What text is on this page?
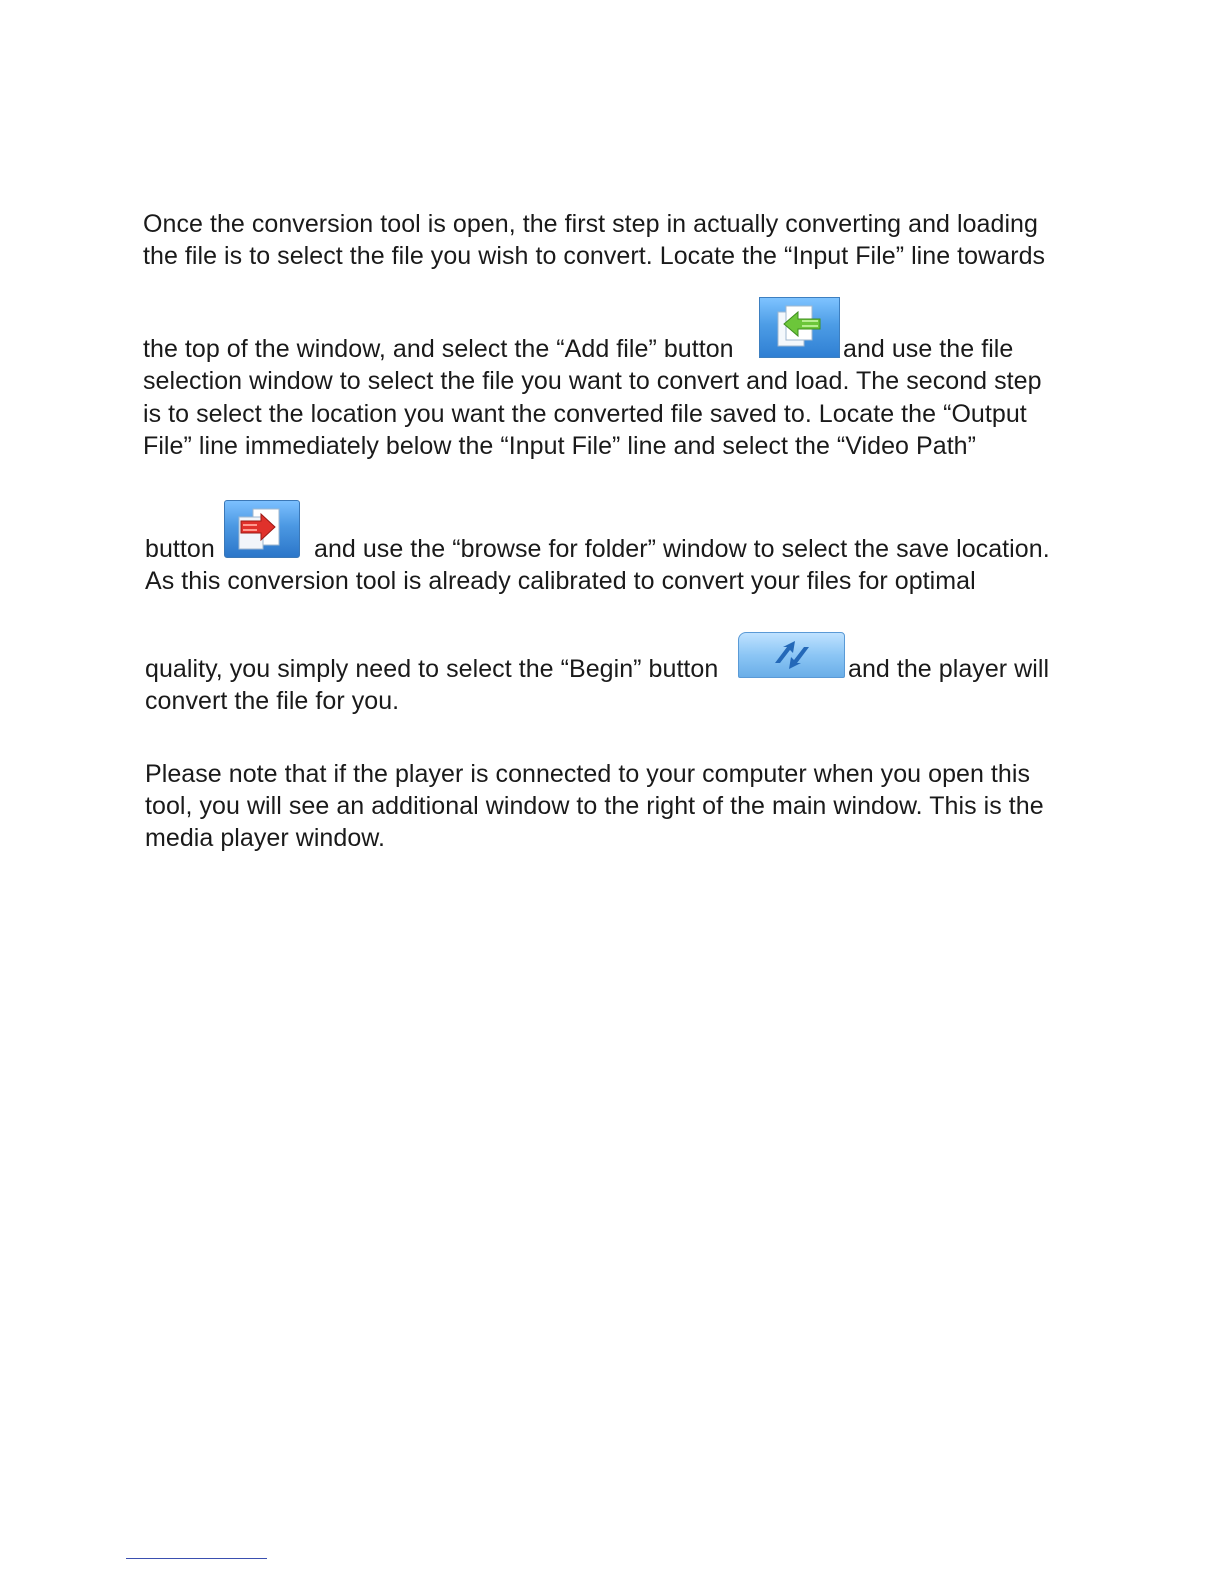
Once the conversion tool is open, the first step in actually converting and loading
the file is to select the file you wish to convert. Locate the “Input File” line towards
the top of the window, and select the “Add file” button	and use the file
selection window to select the file you want to convert and load. The second step
is to select the location you want the converted file saved to. Locate the “Output
File” line immediately below the “Input File” line and select the “Video Path”
button	and use the “browse for folder” window to select the save location.
As this conversion tool is already calibrated to convert your files for optimal
quality, you simply need to select the “Begin” button	and the player will
convert the file for you.
Please note that if the player is connected to your computer when you open this
tool, you will see an additional window to the right of the main window. This is the
media player window.
